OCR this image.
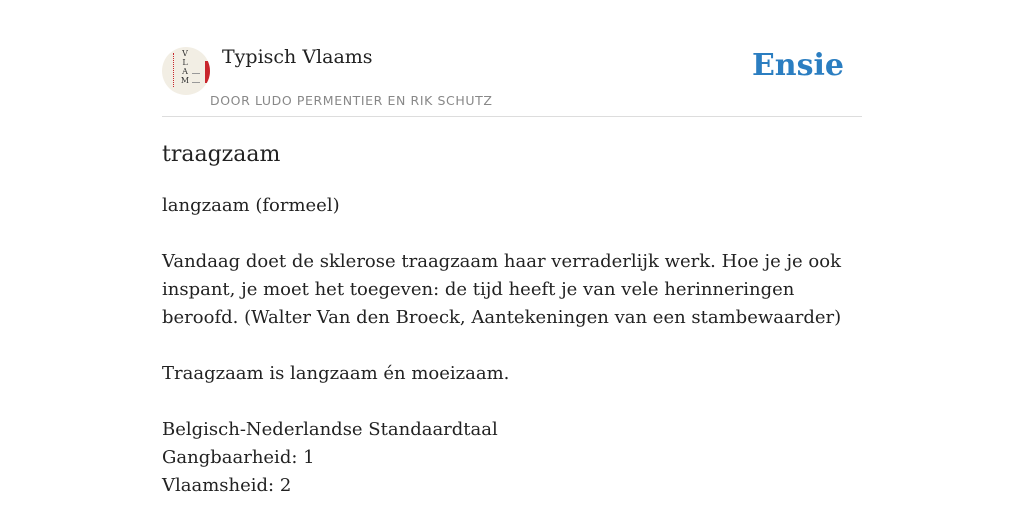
V
L
A
M
Typisch Vlaams
DOOR LUDO PERMENTIER EN RIK SCHUTZ
Ensie
traagzaam

langzaam (formeel)

Vandaag doet de sklerose traagzaam haar verraderlijk werk. Hoe je je ook inspant, je moet het toegeven: de tijd heeft je van vele herinneringen beroofd. (Walter Van den Broeck, Aantekeningen van een stambewaarder)

Traagzaam is langzaam én moeizaam.

Belgisch-Nederlandse Standaardtaal
Gangbaarheid: 1
Vlaamsheid: 2
